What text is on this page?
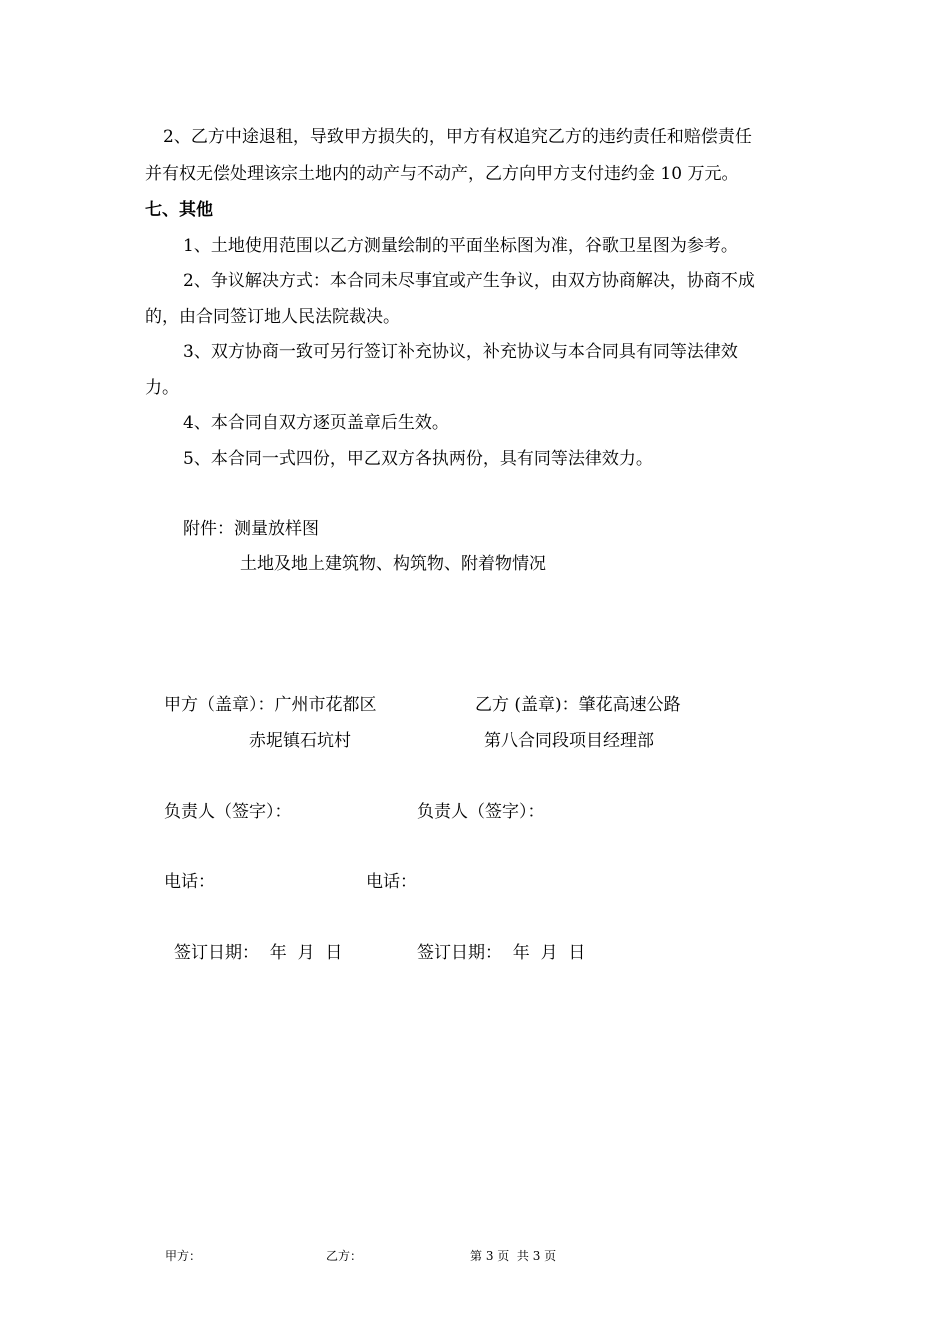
2、乙方中途退租，导致甲方损失的，甲方有权追究乙方的违约责任和赔偿责任
并有权无偿处理该宗土地内的动产与不动产，乙方向甲方支付违约金 10 万元。
七、其他
1、土地使用范围以乙方测量绘制的平面坐标图为准，谷歌卫星图为参考。
2、争议解决方式：本合同未尽事宜或产生争议，由双方协商解决，协商不成
的，由合同签订地人民法院裁决。
3、双方协商一致可另行签订补充协议，补充协议与本合同具有同等法律效
力。
4、本合同自双方逐页盖章后生效。
5、本合同一式四份，甲乙双方各执两份，具有同等法律效力。
附件：测量放样图
土地及地上建筑物、构筑物、附着物情况
甲方（盖章）：广州市花都区	乙方 (盖章)：肇花高速公路
赤坭镇石坑村	第八合同段项目经理部
负责人（签字）：	负责人（签字）：
电话：	电话：
签订日期：  年  月  日	签订日期：  年  月  日
甲方：	乙方：	第 3 页  共 3 页
